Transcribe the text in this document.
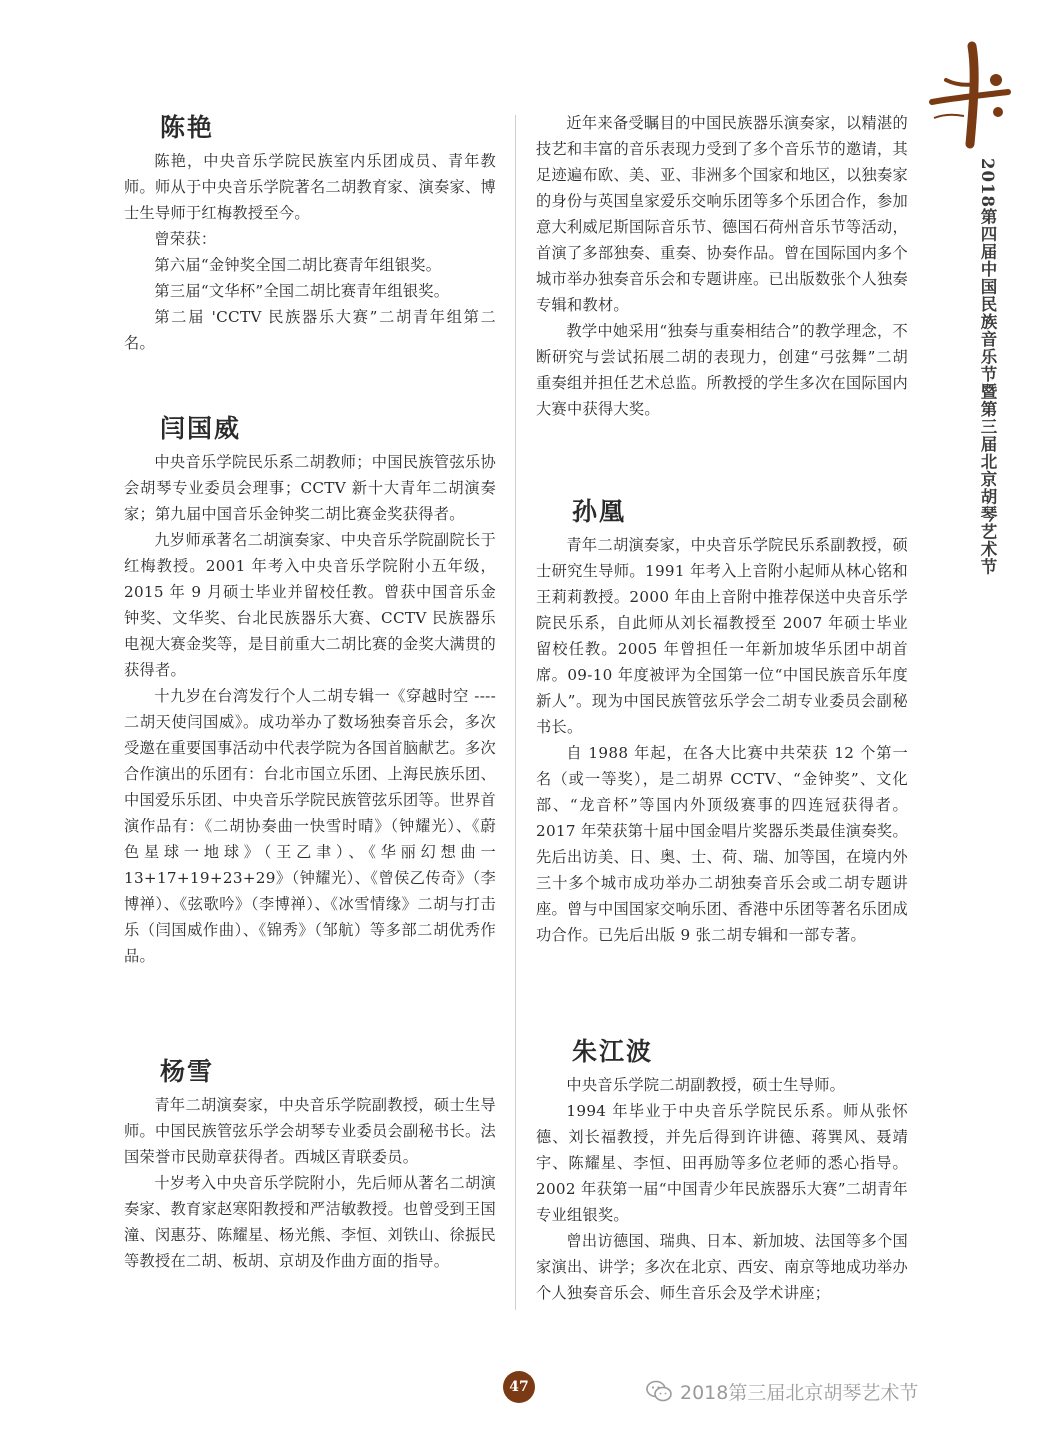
2018第四届中国民族音乐节暨第三届北京胡琴艺术节
陈艳

陈艳，中央音乐学院民族室内乐团成员、青年教师。师从于中央音乐学院著名二胡教育家、演奏家、博士生导师于红梅教授至今。

曾荣获：

第六届“金钟奖全国二胡比赛青年组银奖。

第三届“文华杯”全国二胡比赛青年组银奖。

第二届 'CCTV 民族器乐大赛”二胡青年组第二名。

闫国威

中央音乐学院民乐系二胡教师；中国民族管弦乐协会胡琴专业委员会理事；CCTV 新十大青年二胡演奏家；第九届中国音乐金钟奖二胡比赛金奖获得者。

九岁师承著名二胡演奏家、中央音乐学院副院长于红梅教授。2001 年考入中央音乐学院附小五年级，2015 年 9 月硕士毕业并留校任教。曾获中国音乐金钟奖、文华奖、台北民族器乐大赛、CCTV 民族器乐电视大赛金奖等，是目前重大二胡比赛的金奖大满贯的获得者。

十九岁在台湾发行个人二胡专辑一《穿越时空 ---- 二胡天使闫国威》。成功举办了数场独奏音乐会，多次受邀在重要国事活动中代表学院为各国首脑献艺。多次合作演出的乐团有：台北市国立乐团、上海民族乐团、中国爱乐乐团、中央音乐学院民族管弦乐团等。世界首演作品有：《二胡协奏曲一快雪时晴》（钟耀光）、《蔚色星球一地球》（王乙聿）、《华丽幻想曲一13+17+19+23+29》（钟耀光）、《曾侯乙传奇》（李博禅）、《弦歌吟》（李博禅）、《冰雪情缘》二胡与打击乐（闫国威作曲）、《锦秀》（邹航）等多部二胡优秀作品。

杨雪

青年二胡演奏家，中央音乐学院副教授，硕士生导师。中国民族管弦乐学会胡琴专业委员会副秘书长。法国荣誉市民勋章获得者。西城区青联委员。

十岁考入中央音乐学院附小，先后师从著名二胡演奏家、教育家赵寒阳教授和严洁敏教授。也曾受到王国潼、闵惠芬、陈耀星、杨光熊、李恒、刘铁山、徐振民等教授在二胡、板胡、京胡及作曲方面的指导。

近年来备受瞩目的中国民族器乐演奏家，以精湛的技艺和丰富的音乐表现力受到了多个音乐节的邀请，其足迹遍布欧、美、亚、非洲多个国家和地区，以独奏家的身份与英国皇家爱乐交响乐团等多个乐团合作，参加意大利威尼斯国际音乐节、德国石荷州音乐节等活动，首演了多部独奏、重奏、协奏作品。曾在国际国内多个城市举办独奏音乐会和专题讲座。已出版数张个人独奏专辑和教材。

教学中她采用“独奏与重奏相结合”的教学理念，不断研究与尝试拓展二胡的表现力，创建“弓弦舞”二胡重奏组并担任艺术总监。所教授的学生多次在国际国内大赛中获得大奖。

孙凰

青年二胡演奏家，中央音乐学院民乐系副教授，硕士研究生导师。1991 年考入上音附小起师从林心铭和王莉莉教授。2000 年由上音附中推荐保送中央音乐学院民乐系，自此师从刘长福教授至 2007 年硕士毕业留校任教。2005 年曾担任一年新加坡华乐团中胡首席。09-10 年度被评为全国第一位“中国民族音乐年度新人”。现为中国民族管弦乐学会二胡专业委员会副秘书长。

自 1988 年起，在各大比赛中共荣获 12 个第一名（或一等奖），是二胡界 CCTV、“金钟奖”、文化部、“龙音杯”等国内外顶级赛事的四连冠获得者。2017 年荣获第十届中国金唱片奖器乐类最佳演奏奖。先后出访美、日、奥、士、荷、瑞、加等国，在境内外三十多个城市成功举办二胡独奏音乐会或二胡专题讲座。曾与中国国家交响乐团、香港中乐团等著名乐团成功合作。已先后出版 9 张二胡专辑和一部专著。

朱江波

中央音乐学院二胡副教授，硕士生导师。

1994 年毕业于中央音乐学院民乐系。师从张怀德、刘长福教授，并先后得到许讲德、蒋巽风、聂靖宇、陈耀星、李恒、田再励等多位老师的悉心指导。2002 年获第一届“中国青少年民族器乐大赛”二胡青年专业组银奖。

曾出访德国、瑞典、日本、新加坡、法国等多个国家演出、讲学；多次在北京、西安、南京等地成功举办个人独奏音乐会、师生音乐会及学术讲座；

47	2018第三届北京胡琴艺术节
